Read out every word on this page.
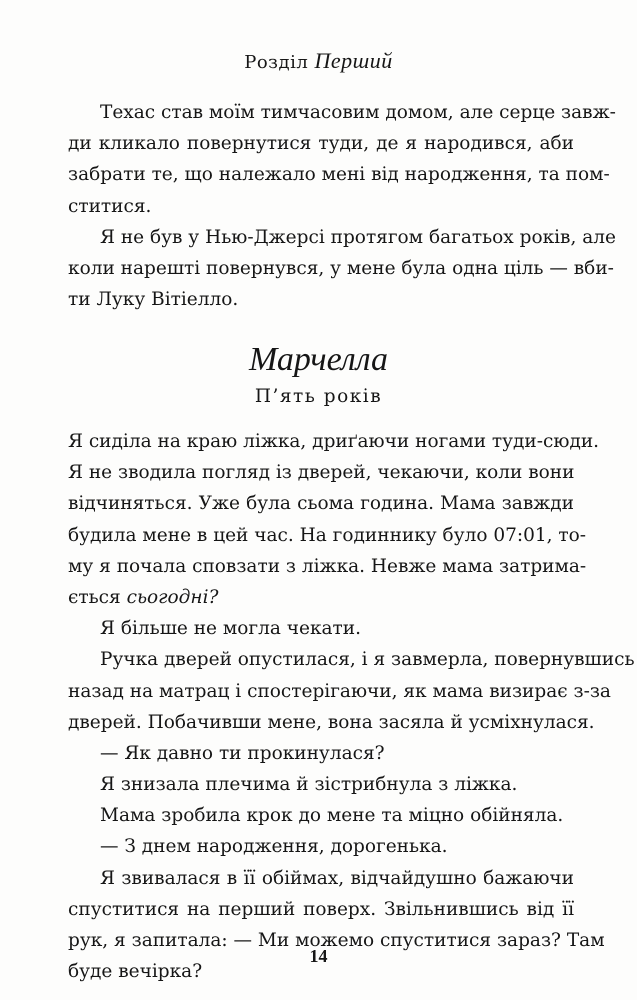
Розділ Перший
Техас став моїм тимчасовим домом, але серце завж-
ди кликало повернутися туди, де я народився, аби
забрати те, що належало мені від народження, та пом-
ститися.
Я не був у Нью-Джерсі протягом багатьох років, але
коли нарешті повернувся, у мене була одна ціль — вби-
ти Луку Вітіелло.
Марчелла
П’ять років
Я сиділа на краю ліжка, дриґаючи ногами туди-сюди.
Я не зводила погляд із дверей, чекаючи, коли вони
відчиняться. Уже була сьома година. Мама завжди
будила мене в цей час. На годиннику було 07:01, то-
му я почала сповзати з ліжка. Невже мама затрима-
ється сьогодні?
Я більше не могла чекати.
Ручка дверей опустилася, і я завмерла, повернувшись
назад на матрац і спостерігаючи, як мама визирає з-за
дверей. Побачивши мене, вона засяла й усміхнулася.
— Як давно ти прокинулася?
Я знизала плечима й зістрибнула з ліжка.
Мама зробила крок до мене та міцно обійняла.
— З днем народження, дорогенька.
Я звивалася в її обіймах, відчайдушно бажаючи
спуститися на перший поверх. Звільнившись від її
рук, я запитала: — Ми можемо спуститися зараз? Там
буде вечірка?
14
